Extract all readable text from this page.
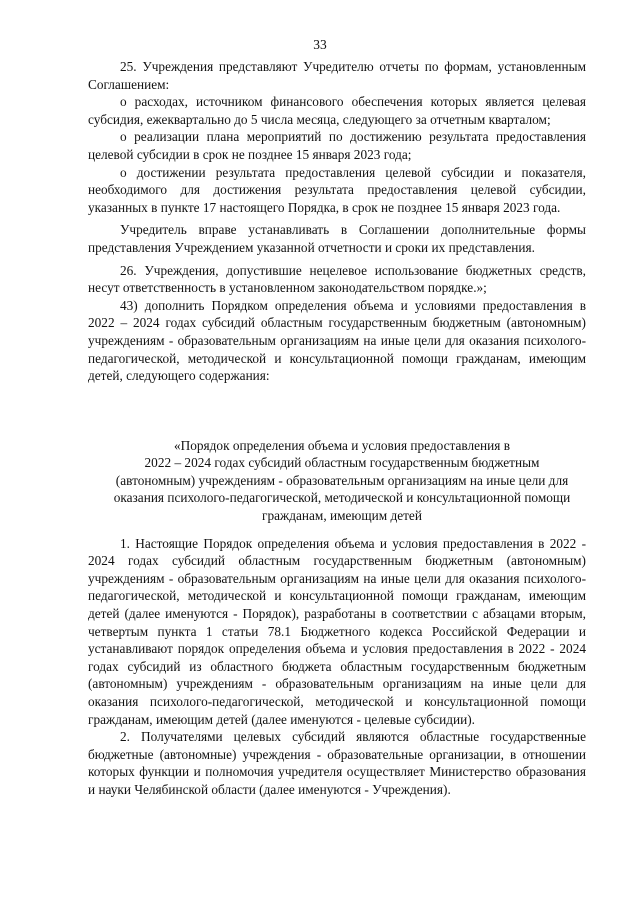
33

25. Учреждения представляют Учредителю отчеты по формам, установленным Соглашением:

о расходах, источником финансового обеспечения которых является целевая субсидия, ежеквартально до 5 числа месяца, следующего за отчетным кварталом;

о реализации плана мероприятий по достижению результата предоставления целевой субсидии в срок не позднее 15 января 2023 года;

о достижении результата предоставления целевой субсидии и показателя, необходимого для достижения результата предоставления целевой субсидии, указанных в пункте 17 настоящего Порядка, в срок не позднее 15 января 2023 года.

Учредитель вправе устанавливать в Соглашении дополнительные формы представления Учреждением указанной отчетности и сроки их представления.

26. Учреждения, допустившие нецелевое использование бюджетных средств, несут ответственность в установленном законодательством порядке.»;

43) дополнить Порядком определения объема и условиями предоставления в 2022 – 2024 годах субсидий областным государственным бюджетным (автономным) учреждениям - образовательным организациям на иные цели для оказания психолого-педагогической, методической и консультационной помощи гражданам, имеющим детей, следующего содержания:

«Порядок определения объема и условия предоставления в
2022 – 2024 годах субсидий областным государственным бюджетным
(автономным) учреждениям - образовательным организациям на иные цели для
оказания психолого-педагогической, методической и консультационной помощи
гражданам, имеющим детей

1. Настоящие Порядок определения объема и условия предоставления в 2022 - 2024 годах субсидий областным государственным бюджетным (автономным) учреждениям - образовательным организациям на иные цели для оказания психолого-педагогической, методической и консультационной помощи гражданам, имеющим детей (далее именуются - Порядок), разработаны в соответствии с абзацами вторым, четвертым пункта 1 статьи 78.1 Бюджетного кодекса Российской Федерации и устанавливают порядок определения объема и условия предоставления в 2022 - 2024 годах субсидий из областного бюджета областным государственным бюджетным (автономным) учреждениям - образовательным организациям на иные цели для оказания психолого-педагогической, методической и консультационной помощи гражданам, имеющим детей (далее именуются - целевые субсидии).

2. Получателями целевых субсидий являются областные государственные бюджетные (автономные) учреждения - образовательные организации, в отношении которых функции и полномочия учредителя осуществляет Министерство образования и науки Челябинской области (далее именуются - Учреждения).
